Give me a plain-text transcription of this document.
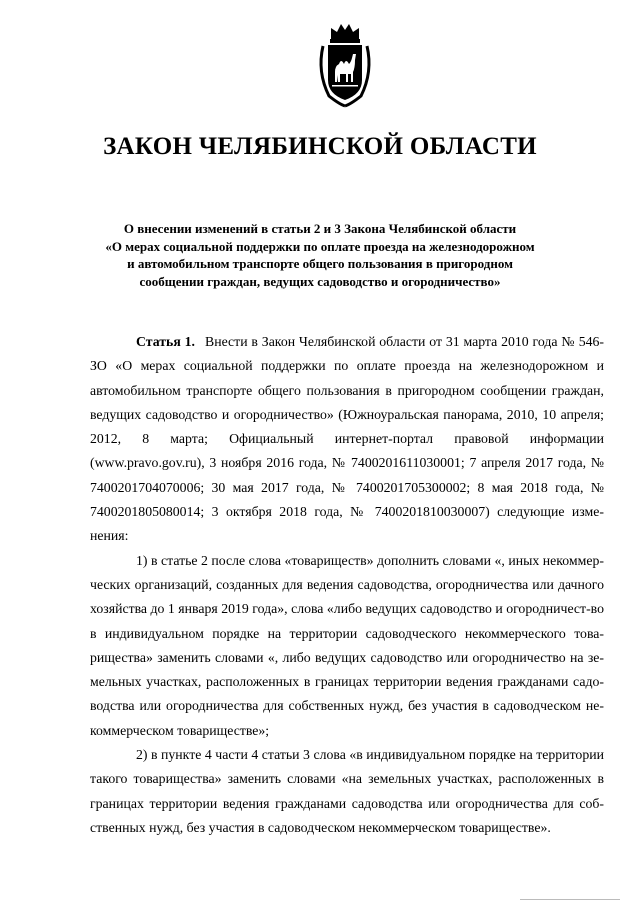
ЗАКОН ЧЕЛЯБИНСКОЙ ОБЛАСТИ
О внесении изменений в статьи 2 и 3 Закона Челябинской области
«О мерах социальной поддержки по оплате проезда на железнодорожном
и автомобильном транспорте общего пользования в пригородном
сообщении граждан, ведущих садоводство и огородничество»

Статья 1. Внести в Закон Челябинской области от 31 марта 2010 года № 546-ЗО «О мерах социальной поддержки по оплате проезда на железнодорожном и автомобильном транспорте общего пользования в пригородном сообщении граждан, ведущих садоводство и огородничество» (Южноуральская панорама, 2010, 10 апреля; 2012, 8 марта; Официальный интернет-портал правовой информации (www.pravo.gov.ru), 3 ноября 2016 года, № 7400201611030001; 7 апреля 2017 года, № 7400201704070006; 30 мая 2017 года, № 7400201705300002; 8 мая 2018 года, № 7400201805080014; 3 октября 2018 года, № 7400201810030007) следующие изме-нения:

1) в статье 2 после слова «товариществ» дополнить словами «, иных некоммер-ческих организаций, созданных для ведения садоводства, огородничества или дачного хозяйства до 1 января 2019 года», слова «либо ведущих садоводство и огородничест-во в индивидуальном порядке на территории садоводческого некоммерческого това-рищества» заменить словами «, либо ведущих садоводство или огородничество на зе-мельных участках, расположенных в границах территории ведения гражданами садо-водства или огородничества для собственных нужд, без участия в садоводческом не-коммерческом товариществе»;

2) в пункте 4 части 4 статьи 3 слова «в индивидуальном порядке на территории такого товарищества» заменить словами «на земельных участках, расположенных в границах территории ведения гражданами садоводства или огородничества для соб-ственных нужд, без участия в садоводческом некоммерческом товариществе».
